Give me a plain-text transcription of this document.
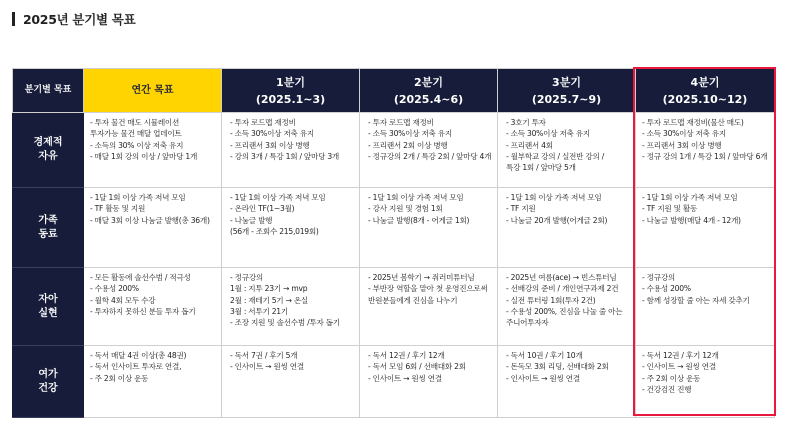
2025년 분기별 목표
분기별 목표	연간 목표	1분기
(2025.1~3)	2분기
(2025.4~6)	3분기
(2025.7~9)	4분기
(2025.10~12)

경제적
자유	- 투자 물건 매도 시뮬레이션
투자가능 물건 매달 업데이트
- 소득의 30% 이상 저축 유지
- 매달 1회 강의 이상 / 앞마당 1개	- 투자 로드맵 재정비
- 소득 30%이상 저축 유지
- 프리랜서 3회 이상 병행
- 강의 3개 / 특강 1회 / 앞마당 3개	- 투자 로드맵 재정비
- 소득 30%이상 저축 유지
- 프리랜서 2회 이상 병행
- 정규강의 2개 / 특강 2회 / 앞마당 4개	- 3호기 투자
- 소득 30%이상 저축 유지
- 프리랜서 4회
- 월부학교 강의 / 실전반 강의 /
특강 1회 / 앞마당 5개	- 투자 로드맵 재정비(물산 매도)
- 소득 30%이상 저축 유지
- 프리랜서 3회 이상 병행
- 정규 강의 1개 / 특강 1회 / 앞마당 6개

가족
동료	- 1달 1회 이상 가족 저녁 모임
- TF 활동 및 지원
- 매달 3회 이상 나눔글 발행(총 36개)	- 1달 1회 이상 가족 저녁 모임
- 온라인 TF(1~3월)
- 나눔글 발행
(56개 - 조회수 215,019회)	- 1달 1회 이상 가족 저녁 모임
- 강사 지원 및 경험 1회
- 나눔글 발행(8개 - 어게글 1회)	- 1달 1회 이상 가족 저녁 모임
- TF 지원
- 나눔글 20개 발행(어게글 2회)	- 1달 1회 이상 가족 저녁 모임
- TF 지원 및 활동
- 나눔글 발행(매달 4개 - 12개)

자아
실현	- 모든 활동에 솔선수범 / 적극성
- 수용성 200%
- 월학 4회 모두 수강
- 투자하지 못하신 분들 투자 돕기	- 정규강의
1월 : 지투 23기 → mvp
2월 : 재테기 5기 → 온실
3월 : 서투기 21기
- 조장 지원 및 솔선수범 /투자 돕기	- 2025년 봄학기 → 줘러미튜터님
- 부반장 역할을 맡아 첫 운영진으로써
반원분들에게 진심을 나누기	- 2025년 여름(ace) → 빈스튜터님
- 선배강의 준비 / 개인연구과제 2건
- 실전 튜터링 1회(투자 2건)
- 수용성 200%, 진심을 나눌 줄 아는
주니어투자자	- 정규강의
- 수용성 200%
- 함께 성장할 줄 아는 자세 갖추기

여가
건강	- 독서 매달 4권 이상(총 48권)
- 독서 인사이트 투자로 연결,
- 주 2회 이상 운동	- 독서 7권 / 후기 5개
- 인사이트 → 원씽 연결	- 독서 12권 / 후기 12개
- 독서 모임 6회 / 선배대화 2회
- 인사이트 → 원씽 연결	- 독서 10권 / 후기 10개
- 돈독모 3회 리딩, 선배대화 2회
- 인사이트 → 원씽 연결	- 독서 12권 / 후기 12개
- 인사이트 → 원씽 연결
- 주 2회 이상 운동
- 건강검진 진행
